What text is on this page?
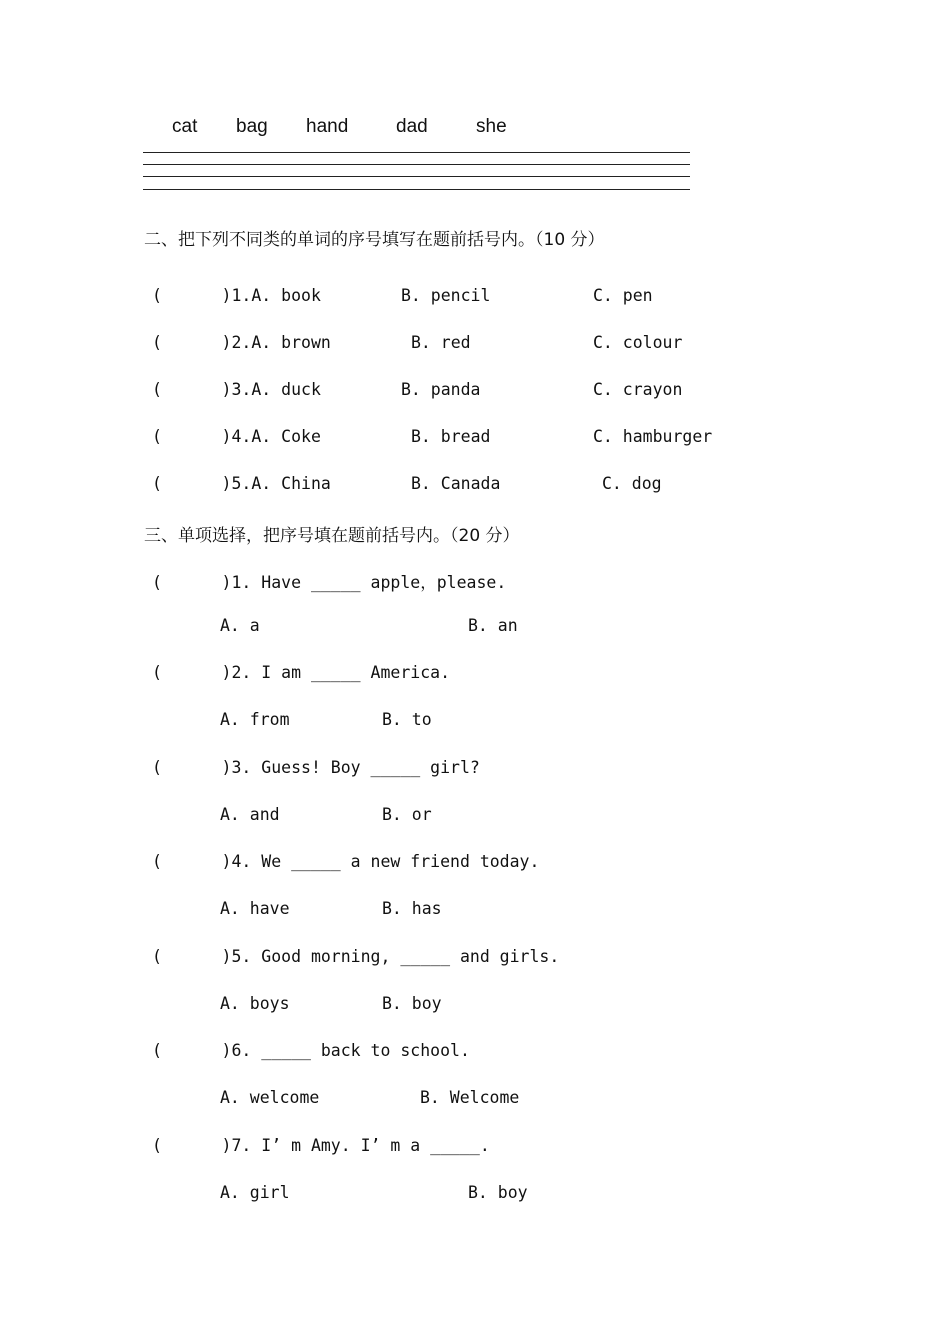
cat bag hand	dad	she
二、把下列不同类的单词的序号填写在题前括号内。（10 分）
(      )1.A. book	B. pencil	C. pen
(      )2.A. brown	B. red	C. colour
(      )3.A. duck	B. panda	C. crayon
(      )4.A. Coke	B. bread	C. hamburger
(      )5.A. China	B. Canada	C. dog
三、单项选择，把序号填在题前括号内。（20 分）
(      )1. Have _____ apple，please.
A. a	B. an
(      )2. I am _____ America.
A. from	B. to
(      )3. Guess! Boy _____ girl?
A. and	B. or
(      )4. We _____ a new friend today.
A. have	B. has
(      )5. Good morning, _____ and girls.
A. boys	B. boy
(      )6. _____ back to school.
A. welcome	B. Welcome
(      )7. I’ m Amy. I’ m a _____.
A. girl	B. boy
